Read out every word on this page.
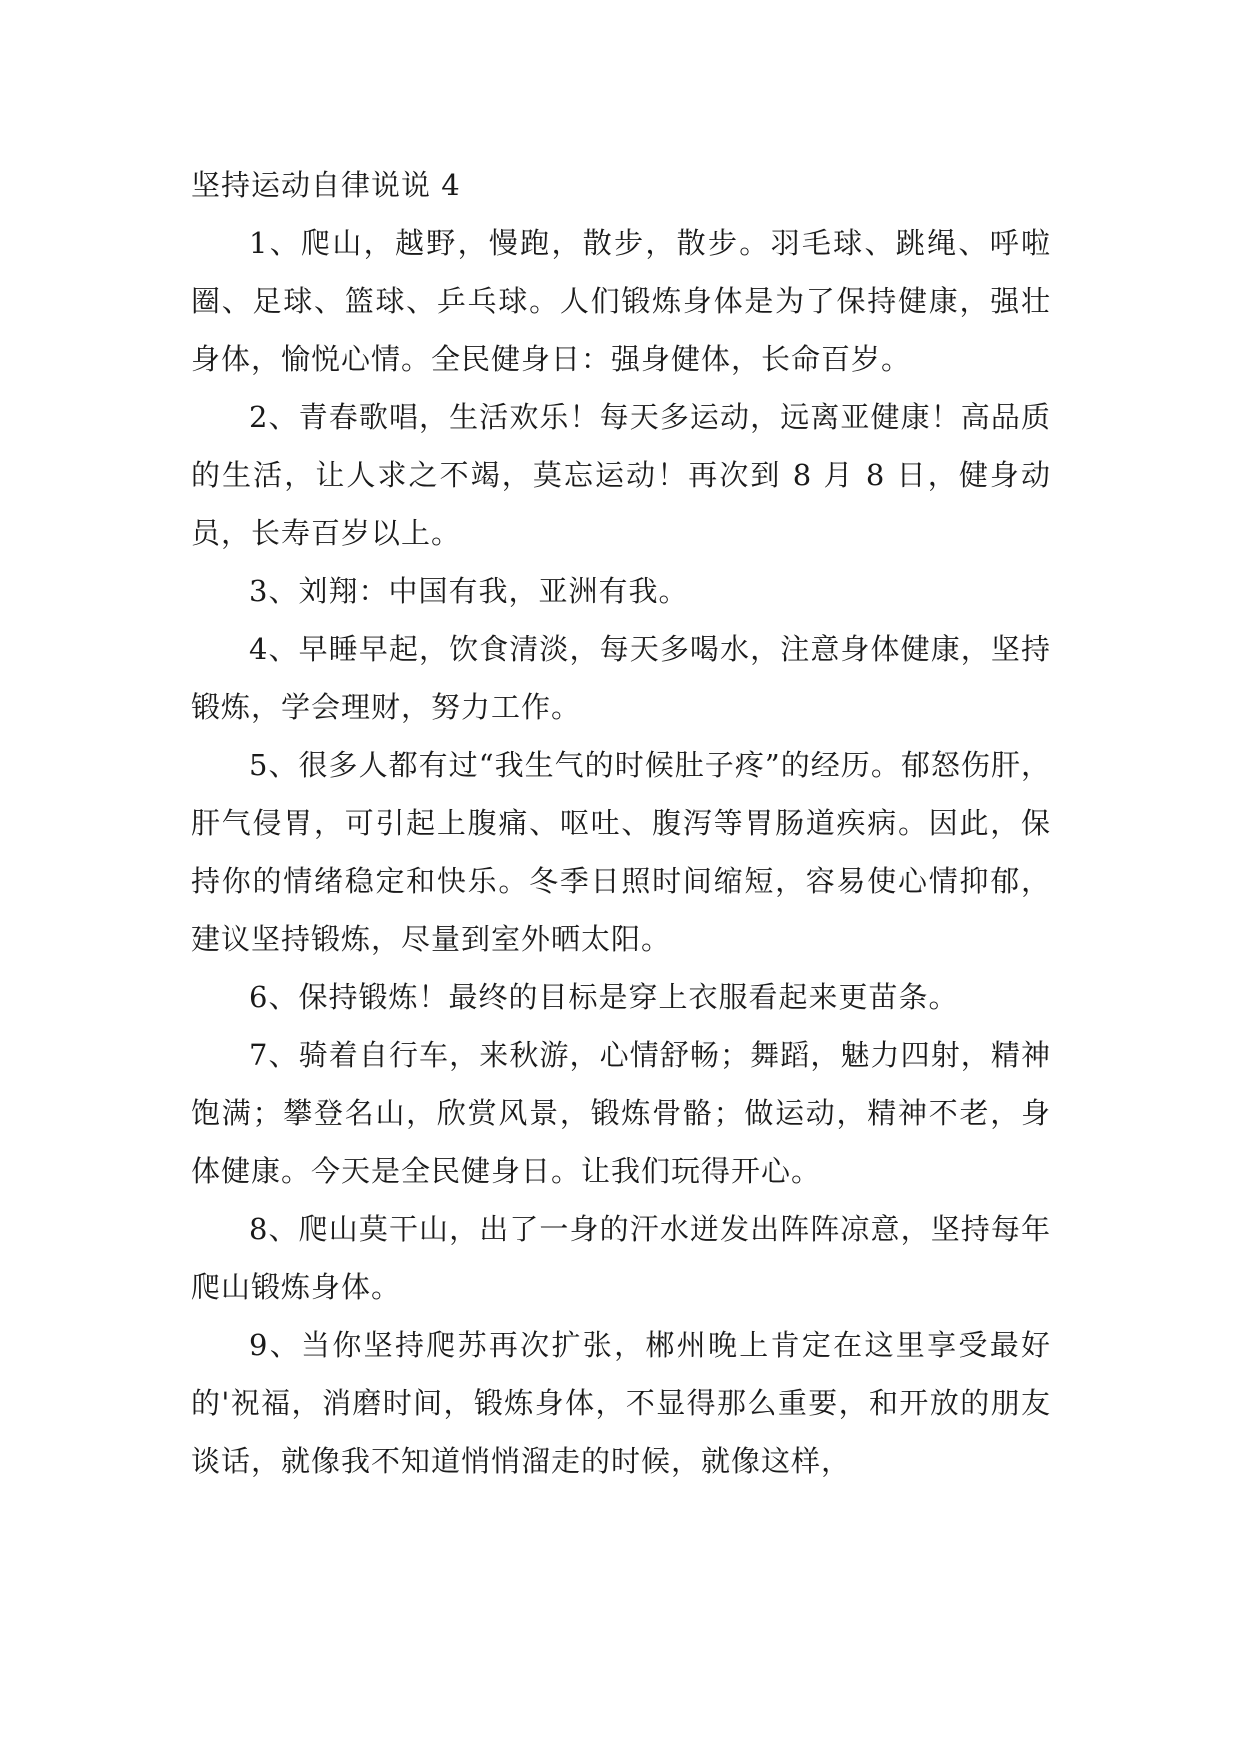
坚持运动自律说说 4

1、爬山，越野，慢跑，散步，散步。羽毛球、跳绳、呼啦圈、足球、篮球、乒乓球。人们锻炼身体是为了保持健康，强壮身体，愉悦心情。全民健身日：强身健体，长命百岁。

2、青春歌唱，生活欢乐！每天多运动，远离亚健康！高品质的生活，让人求之不竭，莫忘运动！再次到 8 月 8 日，健身动员，长寿百岁以上。

3、刘翔：中国有我，亚洲有我。

4、早睡早起，饮食清淡，每天多喝水，注意身体健康，坚持锻炼，学会理财，努力工作。

5、很多人都有过“我生气的时候肚子疼”的经历。郁怒伤肝，肝气侵胃，可引起上腹痛、呕吐、腹泻等胃肠道疾病。因此，保持你的情绪稳定和快乐。冬季日照时间缩短，容易使心情抑郁，建议坚持锻炼，尽量到室外晒太阳。

6、保持锻炼！最终的目标是穿上衣服看起来更苗条。

7、骑着自行车，来秋游，心情舒畅；舞蹈，魅力四射，精神饱满；攀登名山，欣赏风景，锻炼骨骼；做运动，精神不老，身体健康。今天是全民健身日。让我们玩得开心。

8、爬山莫干山，出了一身的汗水迸发出阵阵凉意，坚持每年爬山锻炼身体。

9、当你坚持爬苏再次扩张，郴州晚上肯定在这里享受最好的'祝福，消磨时间，锻炼身体，不显得那么重要，和开放的朋友谈话，就像我不知道悄悄溜走的时候，就像这样，
